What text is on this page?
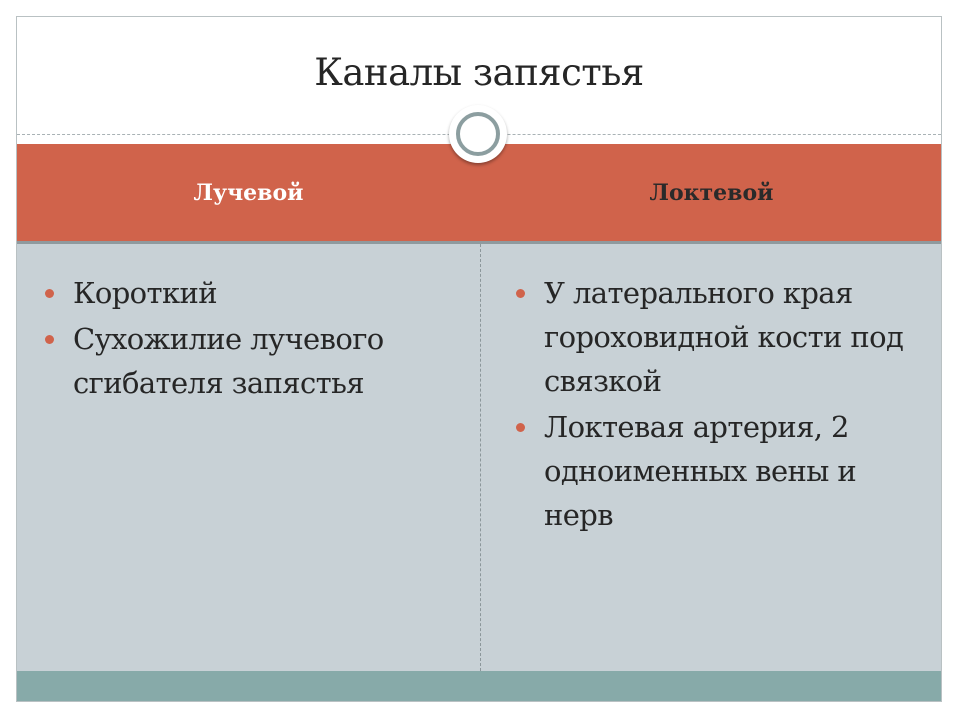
Каналы запястья
Лучевой	Локтевой
Короткий
Сухожилие лучевого сгибателя запястья
У латерального края гороховидной кости под связкой
Локтевая артерия, 2 одноименных вены и нерв
